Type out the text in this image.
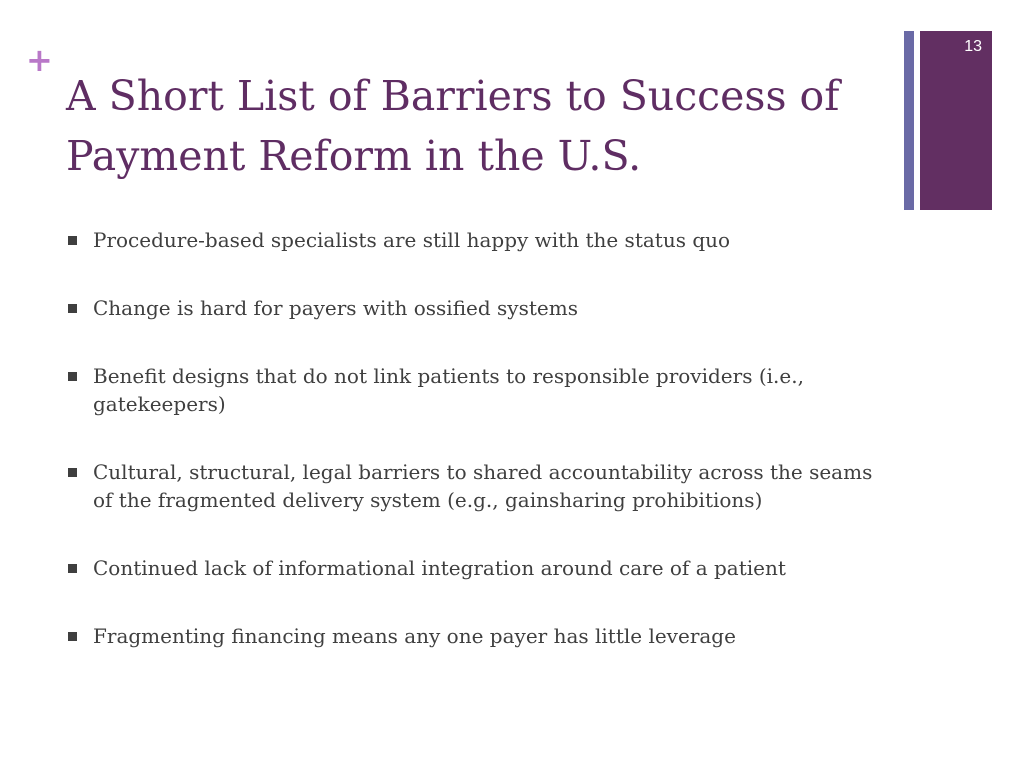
+
A Short List of Barriers to Success of Payment Reform in the U.S.
13
Procedure-based specialists are still happy with the status quo
Change is hard for payers with ossified systems
Benefit designs that do not link patients to responsible providers (i.e., gatekeepers)
Cultural, structural, legal barriers to shared accountability across the seams of the fragmented delivery system (e.g., gainsharing prohibitions)
Continued lack of informational integration around care of a patient
Fragmenting financing means any one payer has little leverage
